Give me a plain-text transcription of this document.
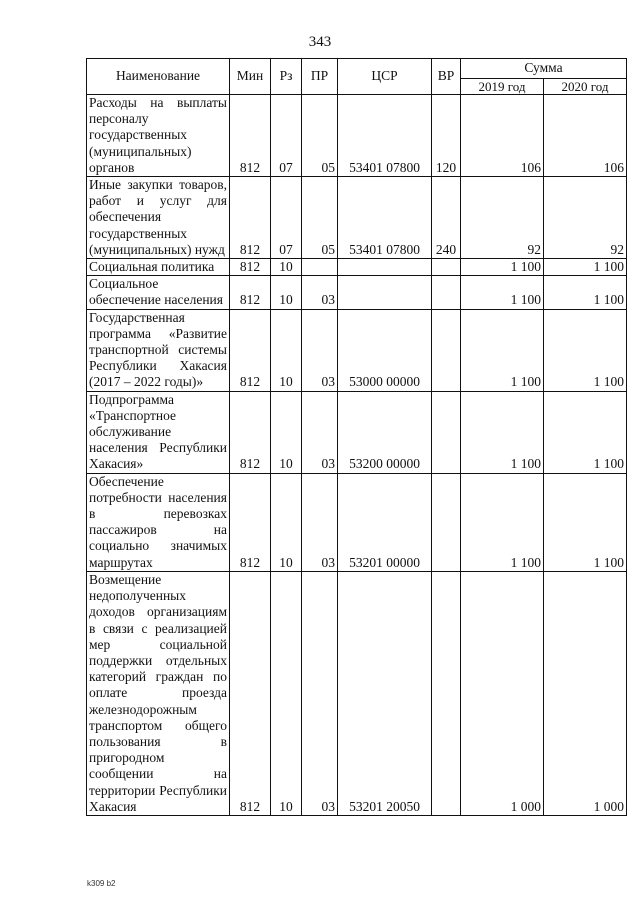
343
Наименование	Мин	Рз	ПР	ЦСР	ВР	Сумма	
						2019 год	2020 год
Расходы на выплаты персоналу государственных (муниципальных) органов	812	07	05	53401 07800	120	106	106
Иные закупки товаров, работ и услуг для обеспечения государственных (муниципальных) нужд	812	07	05	53401 07800	240	92	92
Социальная политика	812	10				1 100	1 100
Социальное обеспечение населения	812	10	03			1 100	1 100
Государственная программа «Развитие транспортной системы Республики Хакасия (2017 – 2022 годы)»	812	10	03	53000 00000		1 100	1 100
Подпрограмма «Транспортное обслуживание населения Республики Хакасия»	812	10	03	53200 00000		1 100	1 100
Обеспечение потребности населения в перевозках пассажиров на социально значимых маршрутах	812	10	03	53201 00000		1 100	1 100
Возмещение недополученных доходов организациям в связи с реализацией мер социальной поддержки отдельных категорий граждан по оплате проезда железнодорожным транспортом общего пользования в пригородном сообщении на территории Республики Хакасия	812	10	03	53201 20050		1 000	1 000
k309 b2
